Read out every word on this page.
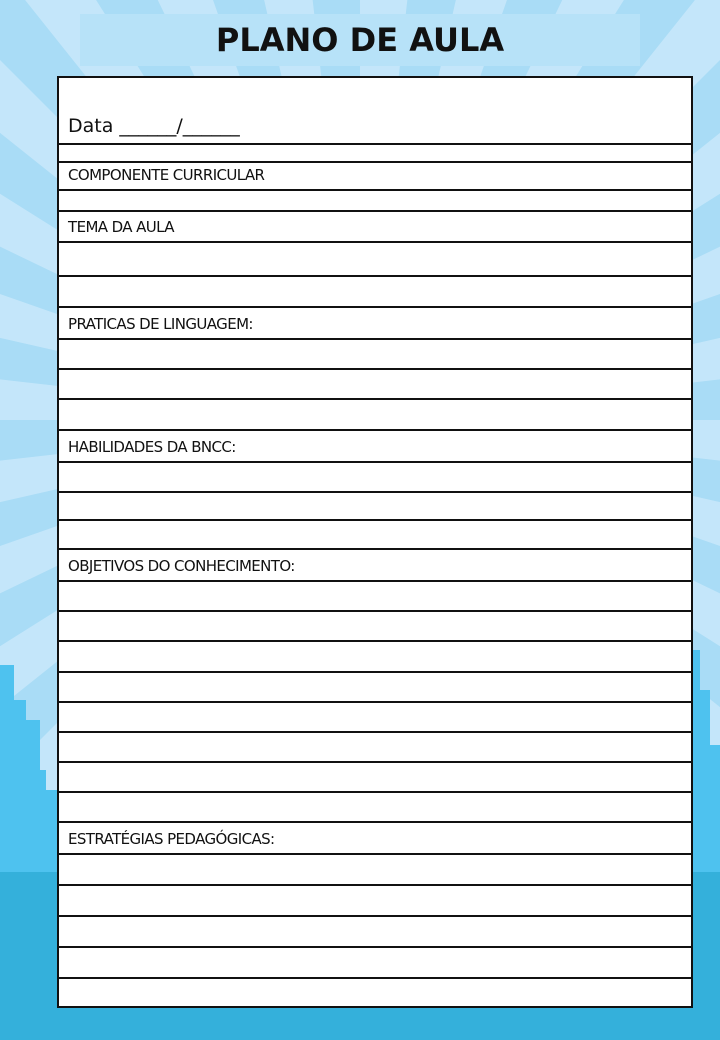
PLANO DE AULA
Data ______/______
COMPONENTE CURRICULAR
TEMA DA AULA
PRATICAS DE LINGUAGEM:
HABILIDADES DA BNCC:
OBJETIVOS DO CONHECIMENTO:
ESTRATÉGIAS PEDAGÓGICAS:
